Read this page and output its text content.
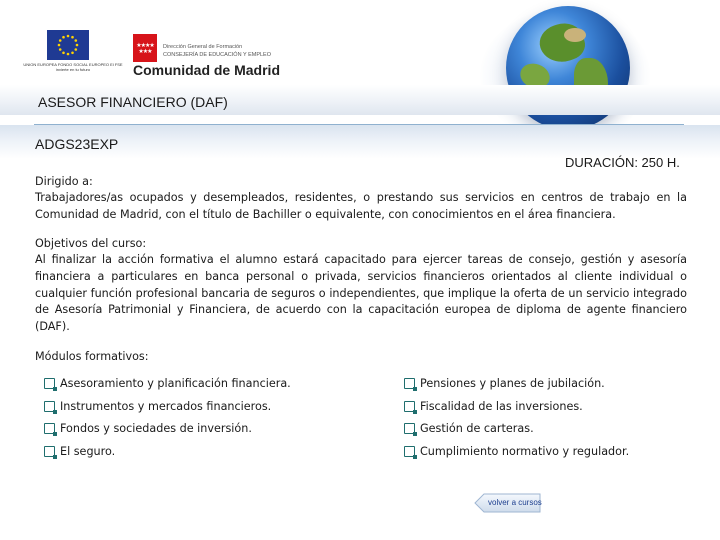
UNION EUROPEA FONDO SOCIAL EUROPEO El FSE invierte en tu futuro
★★★★
★★★
Dirección General de Formación
CONSEJERÍA DE EDUCACIÓN Y EMPLEO
Comunidad de Madrid
ASESOR FINANCIERO (DAF)
ADGS23EXP
DURACIÓN: 250 H.
Dirigido a:
Trabajadores/as ocupados y desempleados, residentes, o prestando sus servicios en centros de trabajo en la Comunidad de Madrid, con el título de Bachiller o equivalente, con conocimientos en el área financiera.
Objetivos del curso:
Al finalizar la acción formativa el alumno estará capacitado para ejercer tareas de consejo, gestión y asesoría financiera a particulares en banca personal o privada, servicios financieros orientados al cliente individual o cualquier función profesional bancaria de seguros o independientes, que implique la oferta de un servicio integrado de Asesoría Patrimonial y Financiera, de acuerdo con la capacitación europea de diploma de agente financiero (DAF).
Módulos formativos:
Asesoramiento y planificación financiera.
Instrumentos y mercados financieros.
Fondos y sociedades de inversión.
El seguro.
Pensiones y planes de jubilación.
Fiscalidad de las inversiones.
Gestión de carteras.
Cumplimiento normativo y regulador.
volver a cursos
